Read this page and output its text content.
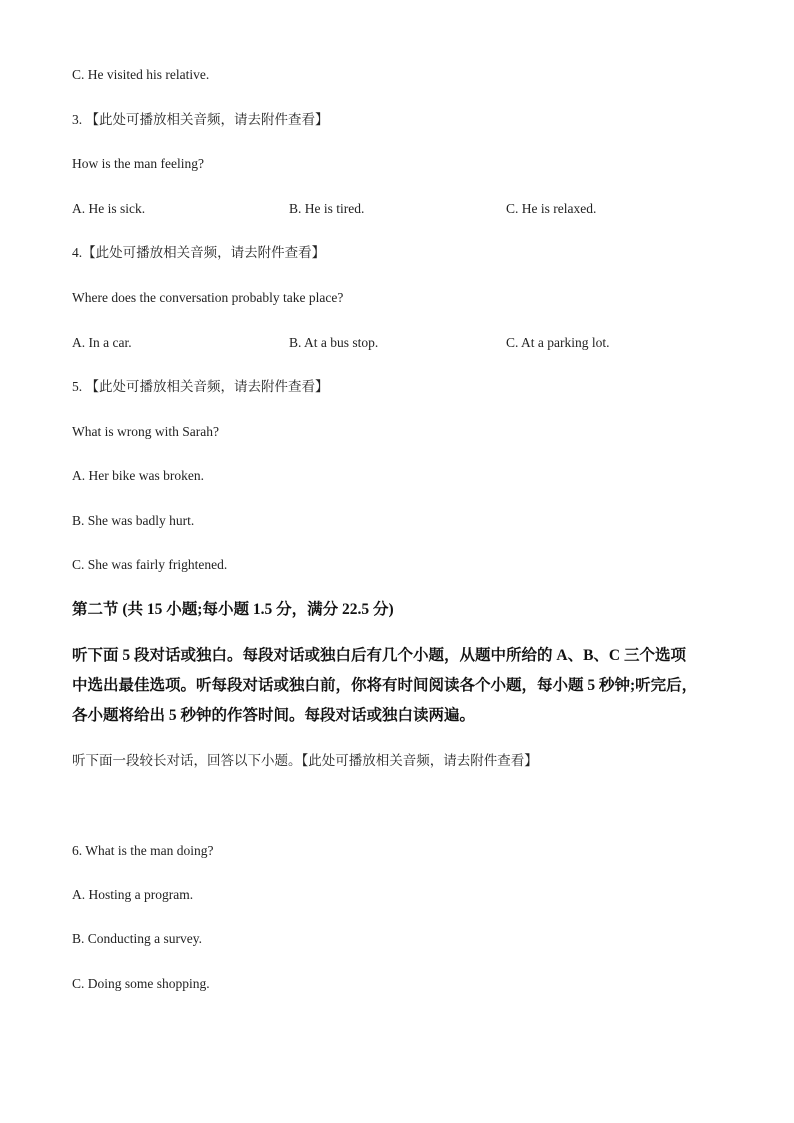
C. He visited his relative.
3. 【此处可播放相关音频，请去附件查看】
How is the man feeling?
A. He is sick.	B. He is tired.	C. He is relaxed.
4.【此处可播放相关音频，请去附件查看】
Where does the conversation probably take place?
A. In a car.	B. At a bus stop.	C. At a parking lot.
5. 【此处可播放相关音频，请去附件查看】
What is wrong with Sarah?
A. Her bike was broken.
B. She was badly hurt.
C. She was fairly frightened.
第二节 (共 15 小题;每小题 1.5 分，满分 22.5 分)
听下面 5 段对话或独白。每段对话或独白后有几个小题，从题中所给的 A、B、C 三个选项
中选出最佳选项。听每段对话或独白前，你将有时间阅读各个小题，每小题 5 秒钟;听完后，
各小题将给出 5 秒钟的作答时间。每段对话或独白读两遍。
听下面一段较长对话，回答以下小题。【此处可播放相关音频，请去附件查看】
6. What is the man doing?
A. Hosting a program.
B. Conducting a survey.
C. Doing some shopping.
